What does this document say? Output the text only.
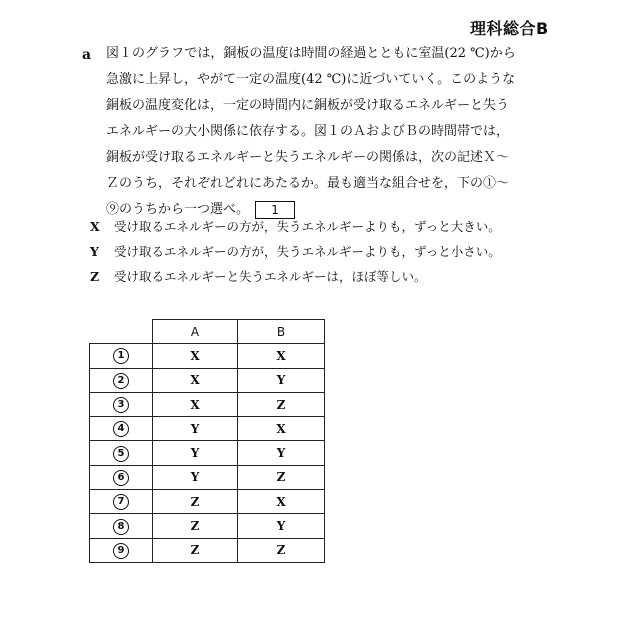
理科総合B
a 図１のグラフでは，銅板の温度は時間の経過とともに室温(22 ℃)から急激に上昇し，やがて一定の温度(42 ℃)に近づいていく。このような銅板の温度変化は，一定の時間内に銅板が受け取るエネルギーと失うエネルギーの大小関係に依存する。図１のＡおよびＢの時間帯では，銅板が受け取るエネルギーと失うエネルギーの関係は，次の記述Ｘ～Ｚのうち，それぞれどれにあたるか。最も適当な組合せを，下の①～⑨のうちから一つ選べ。 1
X	受け取るエネルギーの方が，失うエネルギーよりも，ずっと大きい。
Y	受け取るエネルギーの方が，失うエネルギーよりも，ずっと小さい。
Z	受け取るエネルギーと失うエネルギーは，ほぼ等しい。
	A	B
1	X	X
2	X	Y
3	X	Z
4	Y	X
5	Y	Y
6	Y	Z
7	Z	X
8	Z	Y
9	Z	Z
